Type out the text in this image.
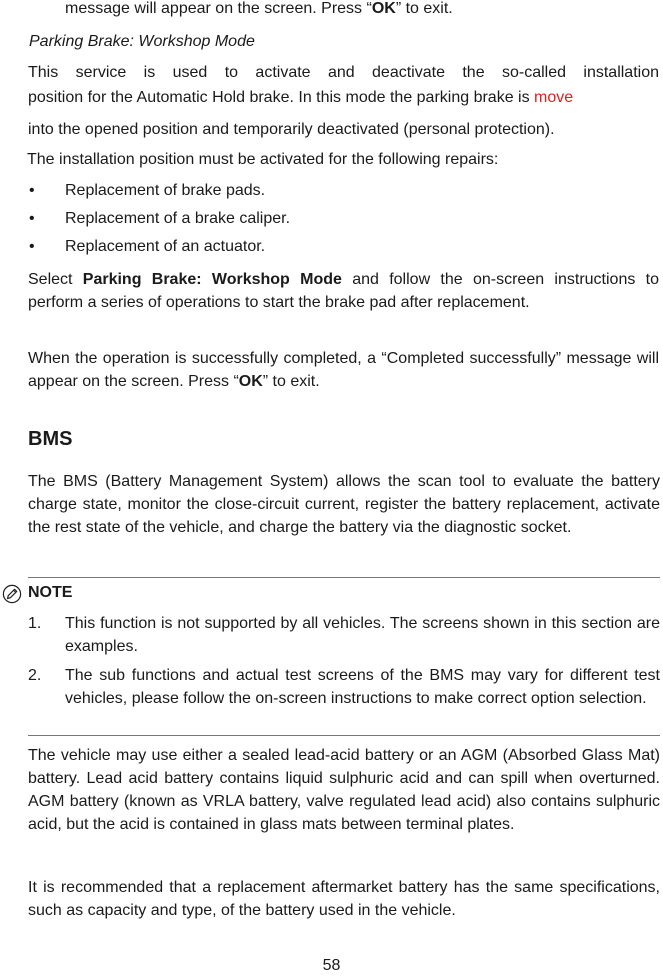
message will appear on the screen. Press “OK” to exit.
Parking Brake: Workshop Mode
This service is used to activate and deactivate the so-called installation
position for the Automatic Hold brake. In this mode the parking brake is move
into the opened position and temporarily deactivated (personal protection).
The installation position must be activated for the following repairs:
• Replacement of brake pads.
• Replacement of a brake caliper.
• Replacement of an actuator.
Select Parking Brake: Workshop Mode and follow the on-screen instructions to perform a series of operations to start the brake pad after replacement.
When the operation is successfully completed, a “Completed successfully” message will appear on the screen. Press “OK” to exit.
BMS
The BMS (Battery Management System) allows the scan tool to evaluate the battery charge state, monitor the close-circuit current, register the battery replacement, activate the rest state of the vehicle, and charge the battery via the diagnostic socket.
NOTE
1. This function is not supported by all vehicles. The screens shown in this section are examples.
2. The sub functions and actual test screens of the BMS may vary for different test vehicles, please follow the on-screen instructions to make correct option selection.
The vehicle may use either a sealed lead-acid battery or an AGM (Absorbed Glass Mat) battery. Lead acid battery contains liquid sulphuric acid and can spill when overturned. AGM battery (known as VRLA battery, valve regulated lead acid) also contains sulphuric acid, but the acid is contained in glass mats between terminal plates.
It is recommended that a replacement aftermarket battery has the same specifications, such as capacity and type, of the battery used in the vehicle.
58
